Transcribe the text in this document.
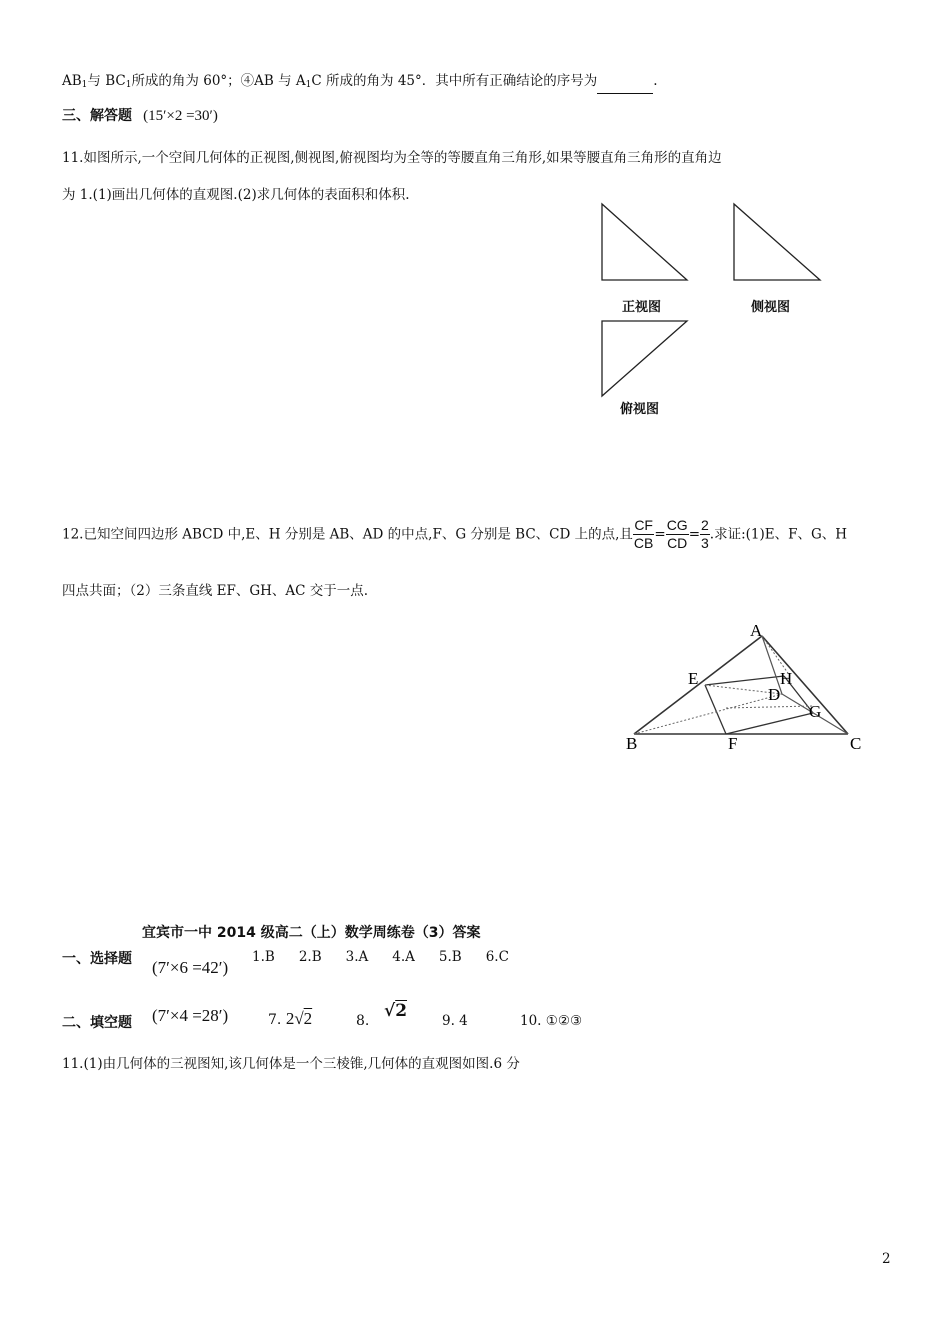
$AB_1$与 $BC_1$所成的角为 60°；④AB 与 $A_1C$ 所成的角为 45°．其中所有正确结论的序号为	.
三、解答题 (15′×2 =30′)
11.如图所示,一个空间几何体的正视图,侧视图,俯视图均为全等的等腰直角三角形,如果等腰直角三角形的直角边
为 1.(1)画出几何体的直观图.(2)求几何体的表面积和体积.
正视图	侧视图
俯视图
12.已知空间四边形 ABCD 中,E、H 分别是 AB、AD 的中点,F、G 分别是 BC、CD 上的点,且 $\frac{CF}{CB} = \frac{CG}{CD} = \frac{2}{3}$ .求证:(1)E、F、G、H
四点共面；（2）三条直线 EF、GH、AC 交于一点.
A
E	H
D
G
B	F	C
宜宾市一中 2014 级高二（上）数学周练卷（3）答案
一、选择题 (7′×6 =42′)
1.B 2.B 3.A 4.A 5.B 6.C
二、填空题 (7′×4 =28′)	7. 2√2	8. √2	9. 4	10. ①②③
11.(1)由几何体的三视图知,该几何体是一个三棱锥,几何体的直观图如图.6 分
2
